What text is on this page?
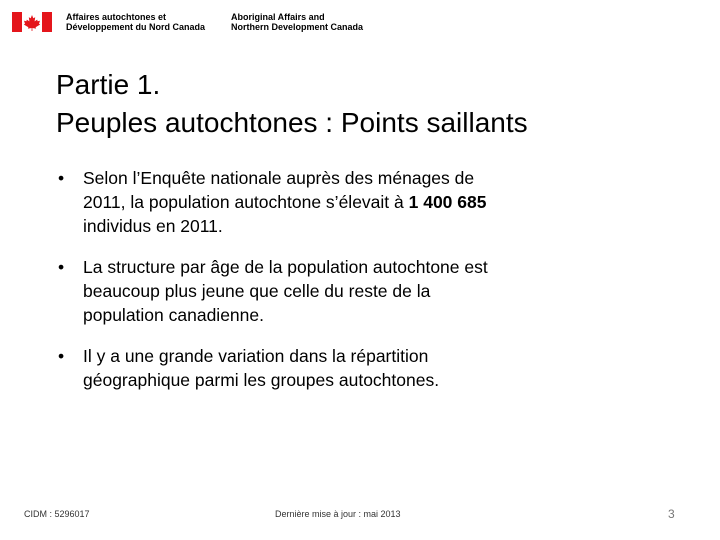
Affaires autochtones et
Développement du Nord Canada
Aboriginal Affairs and
Northern Development Canada
Partie 1.
Peuples autochtones : Points saillants
• Selon l’Enquête nationale auprès des ménages de
2011, la population autochtone s’élevait à 1 400 685
individus en 2011.
• La structure par âge de la population autochtone est
beaucoup plus jeune que celle du reste de la
population canadienne.
• Il y a une grande variation dans la répartition
géographique parmi les groupes autochtones.
CIDM : 5296017	Dernière mise à jour : mai 2013	3
